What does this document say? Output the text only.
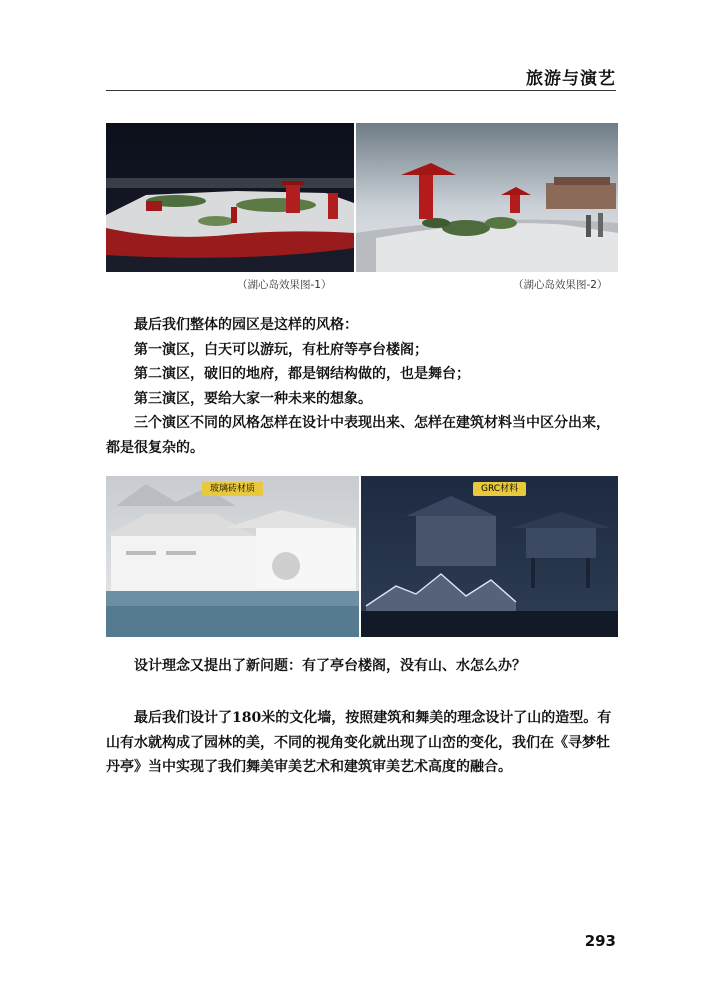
旅游与演艺
（湖心岛效果图-1）	（湖心岛效果图-2）

最后我们整体的园区是这样的风格：

第一演区，白天可以游玩，有杜府等亭台楼阁；

第二演区，破旧的地府，都是钢结构做的，也是舞台；

第三演区，要给大家一种未来的想象。

三个演区不同的风格怎样在设计中表现出来、怎样在建筑材料当中区分出来，都是很复杂的。

玻璃砖材质	GRC材料

设计理念又提出了新问题：有了亭台楼阁，没有山、水怎么办？

最后我们设计了180米的文化墙，按照建筑和舞美的理念设计了山的造型。有山有水就构成了园林的美，不同的视角变化就出现了山峦的变化，我们在《寻梦牡丹亭》当中实现了我们舞美审美艺术和建筑审美艺术高度的融合。

293
